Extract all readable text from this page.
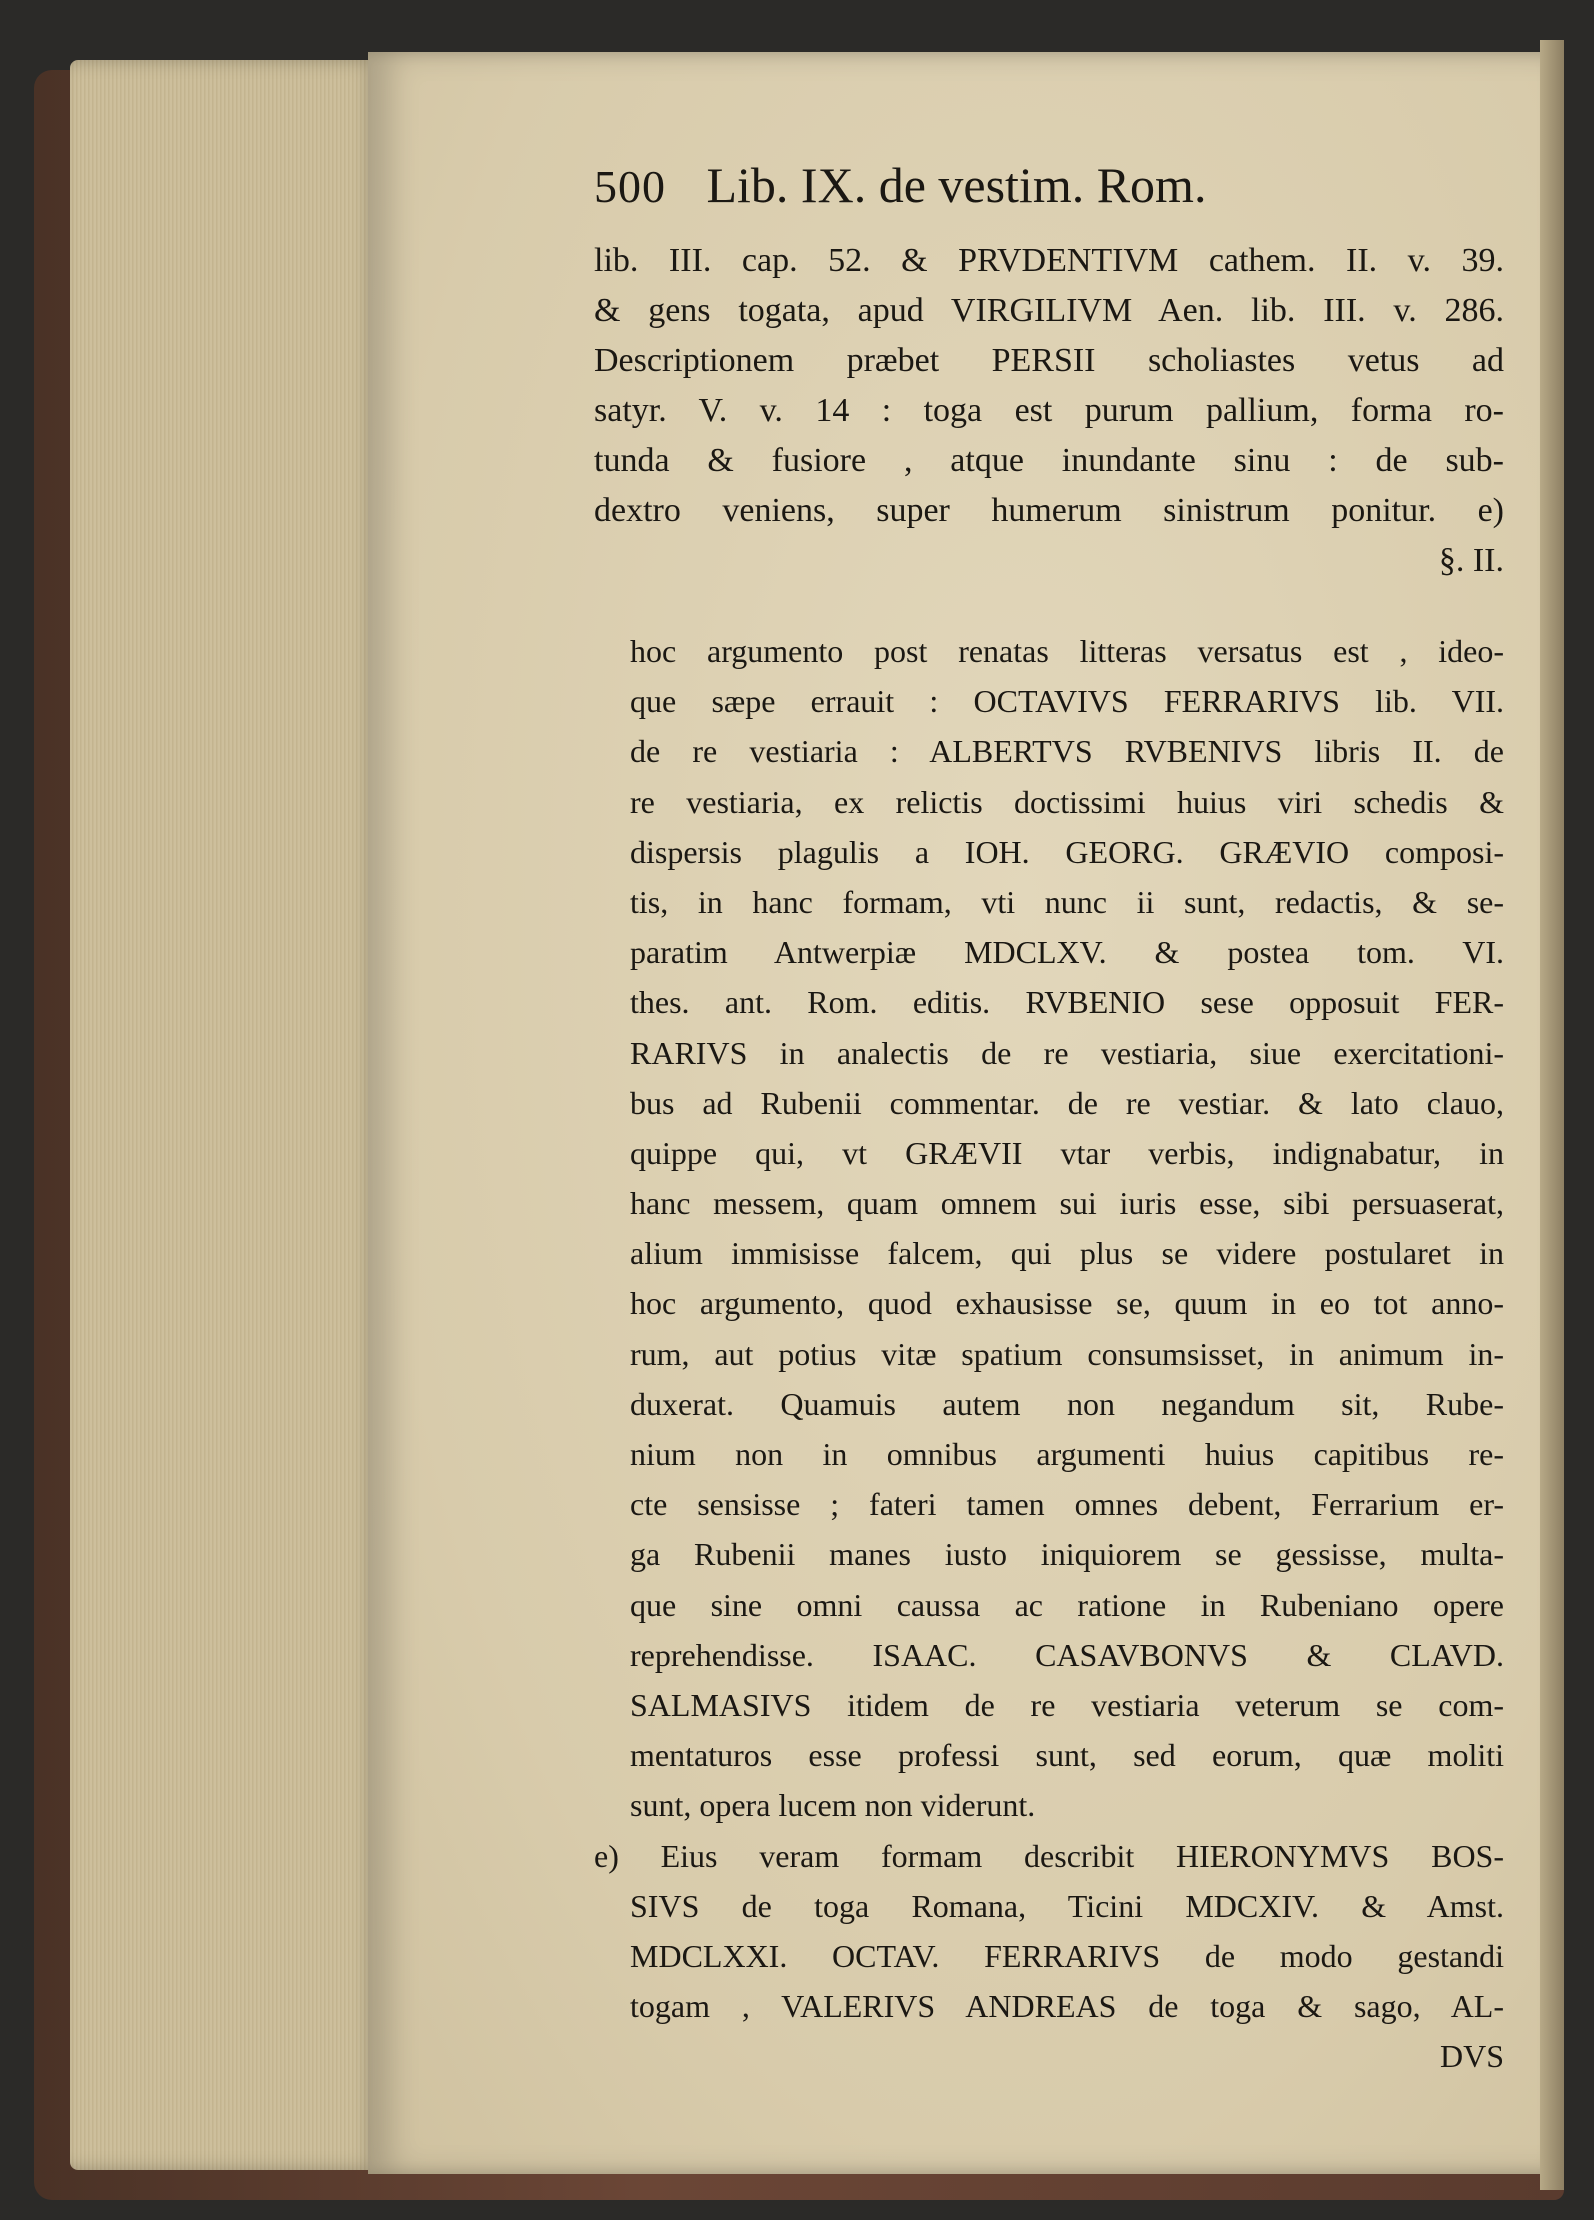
500 Lib. IX. de vestim. Rom.
lib. III. cap. 52. & PRVDENTIVM cathem. II. v. 39.
& gens togata, apud VIRGILIVM Aen. lib. III. v. 286.
Descriptionem præbet PERSII scholiastes vetus ad
satyr. V. v. 14 : toga est purum pallium, forma ro-
tunda & fusiore , atque inundante sinu : de sub-
dextro veniens, super humerum sinistrum ponitur. e)
§. II.
hoc argumento post renatas litteras versatus est , ideo-
que sæpe errauit : OCTAVIVS FERRARIVS lib. VII.
de re vestiaria : ALBERTVS RVBENIVS libris II. de
re vestiaria, ex relictis doctissimi huius viri schedis &
dispersis plagulis a IOH. GEORG. GRÆVIO composi-
tis, in hanc formam, vti nunc ii sunt, redactis, & se-
paratim Antwerpiæ MDCLXV. & postea tom. VI.
thes. ant. Rom. editis. RVBENIO sese opposuit FER-
RARIVS in analectis de re vestiaria, siue exercitationi-
bus ad Rubenii commentar. de re vestiar. & lato clauo,
quippe qui, vt GRÆVII vtar verbis, indignabatur, in
hanc messem, quam omnem sui iuris esse, sibi persuaserat,
alium immisisse falcem, qui plus se videre postularet in
hoc argumento, quod exhausisse se, quum in eo tot anno-
rum, aut potius vitæ spatium consumsisset, in animum in-
duxerat. Quamuis autem non negandum sit, Rube-
nium non in omnibus argumenti huius capitibus re-
cte sensisse ; fateri tamen omnes debent, Ferrarium er-
ga Rubenii manes iusto iniquiorem se gessisse, multa-
que sine omni caussa ac ratione in Rubeniano opere
reprehendisse. ISAAC. CASAVBONVS & CLAVD.
SALMASIVS itidem de re vestiaria veterum se com-
mentaturos esse professi sunt, sed eorum, quæ moliti
sunt, opera lucem non viderunt.
e) Eius veram formam describit HIERONYMVS BOS-
SIVS de toga Romana, Ticini MDCXIV. & Amst.
MDCLXXI. OCTAV. FERRARIVS de modo gestandi
togam , VALERIVS ANDREAS de toga & sago, AL-
DVS
